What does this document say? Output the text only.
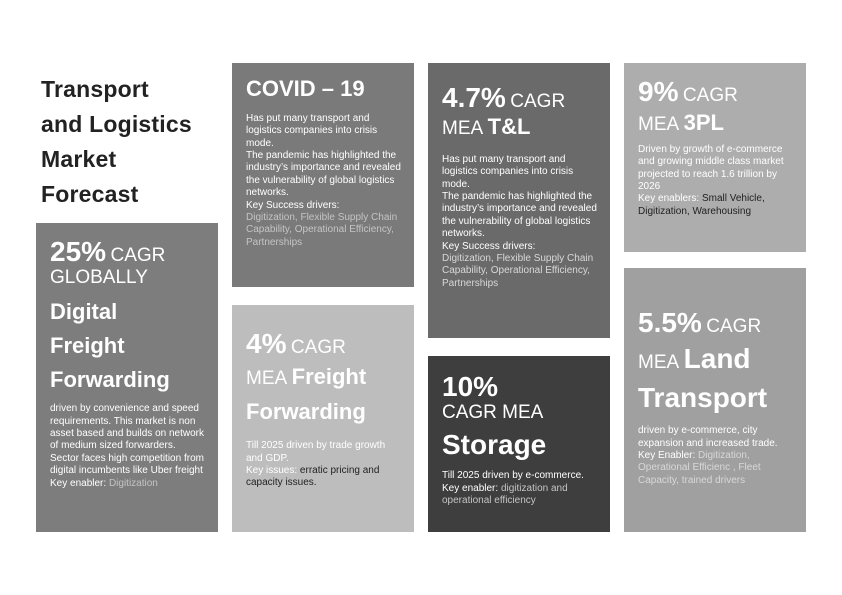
Transport
and Logistics
Market
Forecast
COVID – 19

Has put many transport and logistics companies into crisis mode.

The pandemic has highlighted the industry’s importance and revealed the vulnerability of global logistics networks.

Key Success drivers:

Digitization, Flexible Supply Chain Capability, Operational Efficiency, Partnerships

4.7% CAGR
MEA T&L

Has put many transport and logistics companies into crisis mode.

The pandemic has highlighted the industry’s importance and revealed the vulnerability of global logistics networks.

Key Success drivers:

Digitization, Flexible Supply Chain Capability, Operational Efficiency, Partnerships

9% CAGR
MEA 3PL

Driven by growth of e-commerce and growing middle class market projected to reach 1.6 trillion by 2026

Key enablers: Small Vehicle, Digitization, Warehousing

25% CAGR
GLOBALLY
Digital
Freight
Forwarding

driven by convenience and speed requirements. This market is non asset based and builds on network of medium sized forwarders. Sector faces high competition from digital incumbents like Uber freight

Key enabler: Digitization

4% CAGR
MEA Freight
Forwarding

Till 2025 driven by trade growth and GDP.

Key issues: erratic pricing and capacity issues.

10%
CAGR MEA
Storage

Till 2025 driven by e-commerce.

Key enabler: digitization and operational efficiency

5.5% CAGR
MEA Land
Transport

driven by e-commerce, city expansion and increased trade.

Key Enabler: Digitization, Operational Efficienc , Fleet Capacity, trained drivers
